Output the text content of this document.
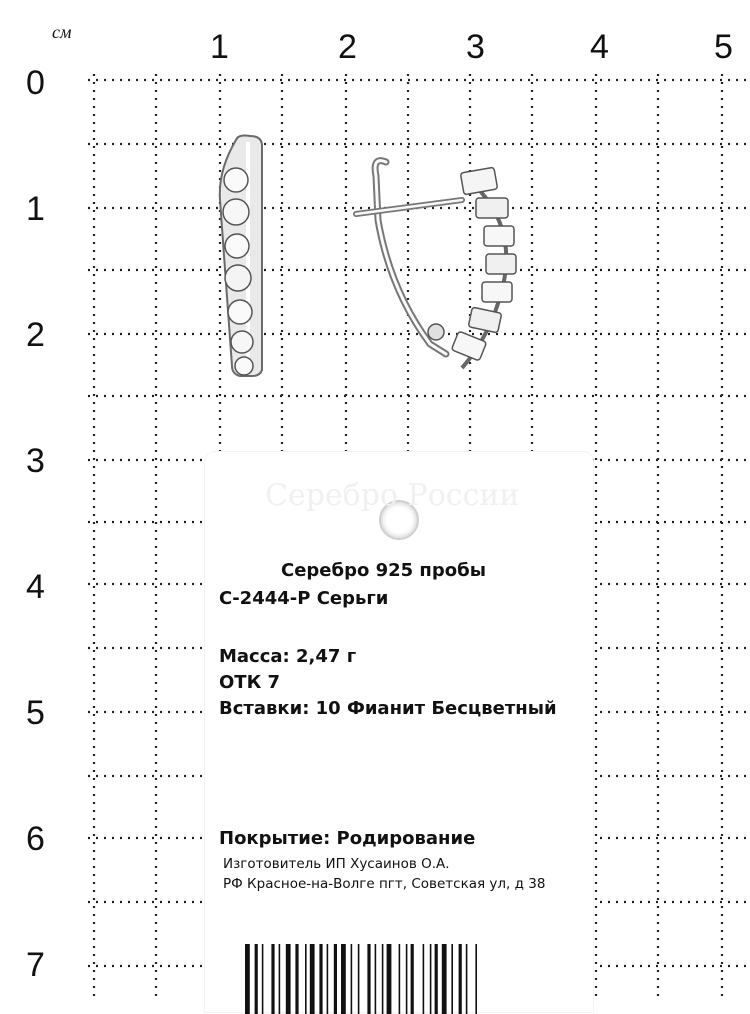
см	1	2	3	4	5
0
1
2
3
4
5
6
7
Серебро России
Серебро 925 пробы
С-2444-Р Серьги
Масса: 2,47 г
ОТК 7
Вставки: 10 Фианит Бесцветный
Покрытие: Родирование
Изготовитель ИП Хусаинов О.А.
РФ Красное-на-Волге пгт, Советская ул, д 38
